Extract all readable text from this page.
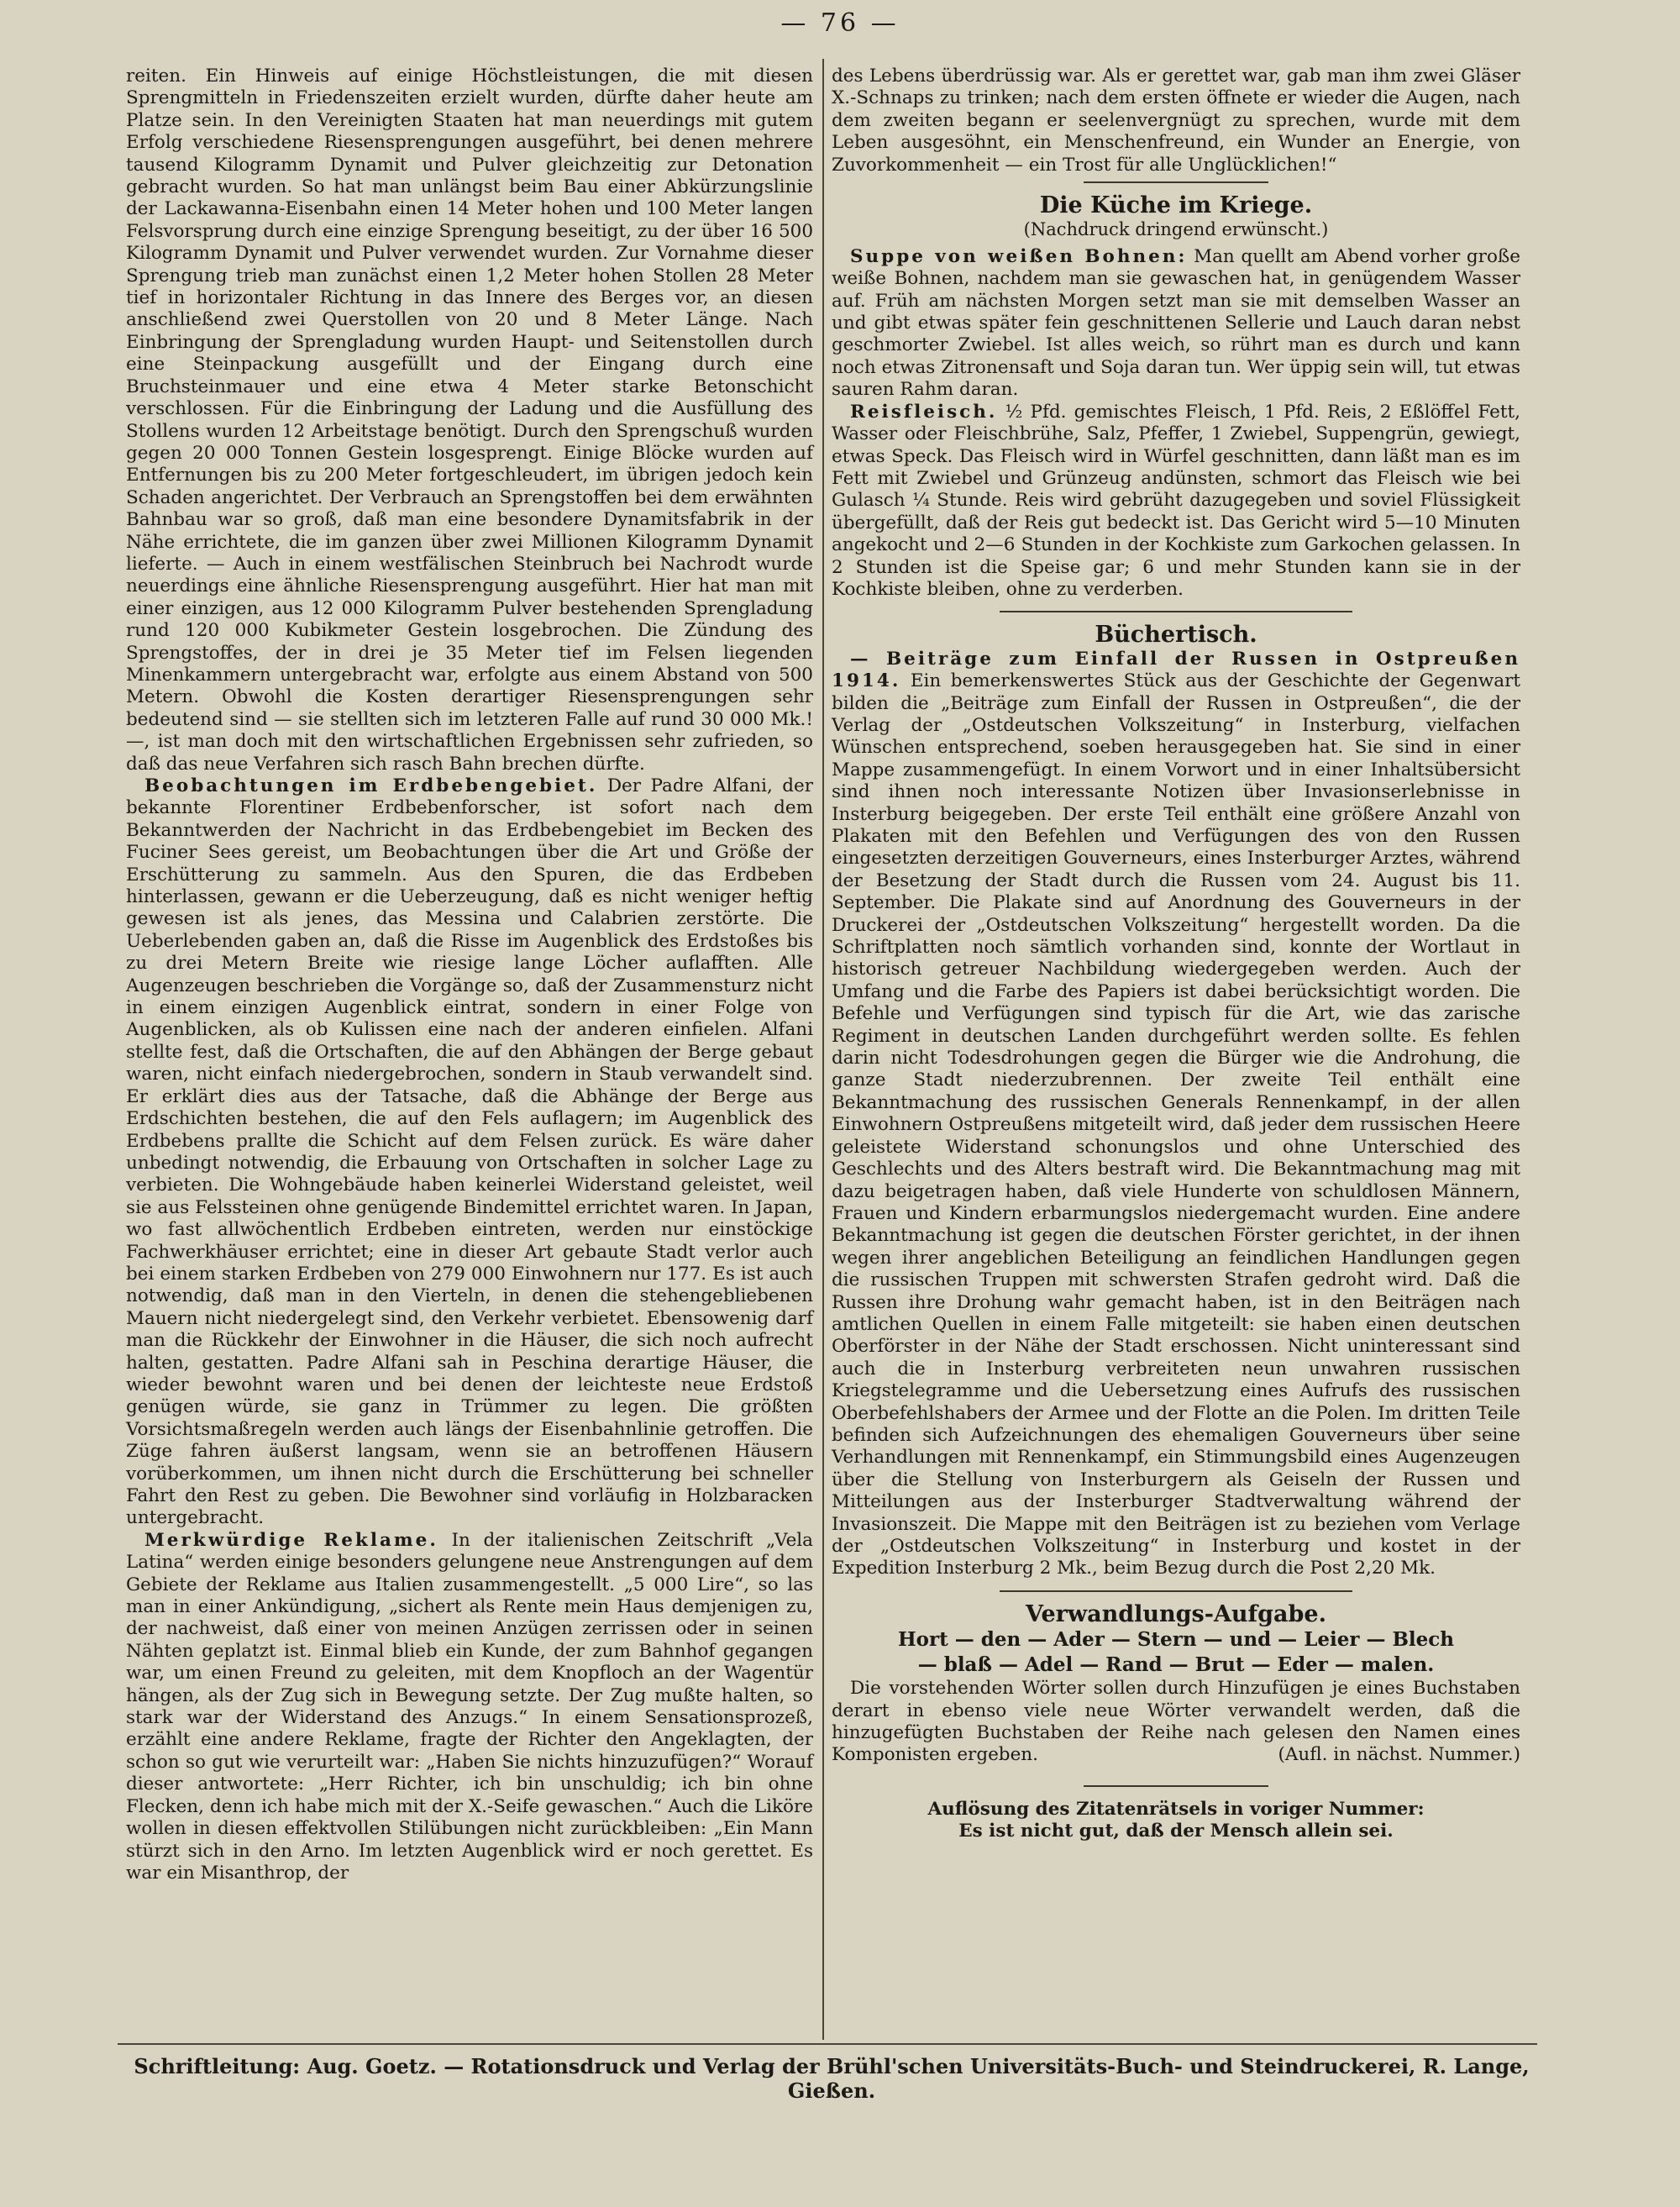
— 76 —

reiten. Ein Hinweis auf einige Höchstleistungen, die mit diesen Sprengmitteln in Friedenszeiten erzielt wurden, dürfte daher heute am Platze sein. In den Vereinigten Staaten hat man neuerdings mit gutem Erfolg verschiedene Riesensprengungen ausgeführt, bei denen mehrere tausend Kilogramm Dynamit und Pulver gleichzeitig zur Detonation gebracht wurden. So hat man unlängst beim Bau einer Abkürzungslinie der Lackawanna-Eisenbahn einen 14 Meter hohen und 100 Meter langen Felsvorsprung durch eine einzige Sprengung beseitigt, zu der über 16 500 Kilogramm Dynamit und Pulver verwendet wurden. Zur Vornahme dieser Sprengung trieb man zunächst einen 1,2 Meter hohen Stollen 28 Meter tief in horizontaler Richtung in das Innere des Berges vor, an diesen anschließend zwei Querstollen von 20 und 8 Meter Länge. Nach Einbringung der Sprengladung wurden Haupt- und Seitenstollen durch eine Steinpackung ausgefüllt und der Eingang durch eine Bruchsteinmauer und eine etwa 4 Meter starke Betonschicht verschlossen. Für die Einbringung der Ladung und die Ausfüllung des Stollens wurden 12 Arbeitstage benötigt. Durch den Sprengschuß wurden gegen 20 000 Tonnen Gestein losgesprengt. Einige Blöcke wurden auf Entfernungen bis zu 200 Meter fortgeschleudert, im übrigen jedoch kein Schaden angerichtet. Der Verbrauch an Sprengstoffen bei dem erwähnten Bahnbau war so groß, daß man eine besondere Dynamitsfabrik in der Nähe errichtete, die im ganzen über zwei Millionen Kilogramm Dynamit lieferte. — Auch in einem westfälischen Steinbruch bei Nachrodt wurde neuerdings eine ähnliche Riesensprengung ausgeführt. Hier hat man mit einer einzigen, aus 12 000 Kilogramm Pulver bestehenden Sprengladung rund 120 000 Kubikmeter Gestein losgebrochen. Die Zündung des Sprengstoffes, der in drei je 35 Meter tief im Felsen liegenden Minenkammern untergebracht war, erfolgte aus einem Abstand von 500 Metern. Obwohl die Kosten derartiger Riesensprengungen sehr bedeutend sind — sie stellten sich im letzteren Falle auf rund 30 000 Mk.! —, ist man doch mit den wirtschaftlichen Ergebnissen sehr zufrieden, so daß das neue Verfahren sich rasch Bahn brechen dürfte.

Beobachtungen im Erdbebengebiet. Der Padre Alfani, der bekannte Florentiner Erdbebenforscher, ist sofort nach dem Bekanntwerden der Nachricht in das Erdbebengebiet im Becken des Fuciner Sees gereist, um Beobachtungen über die Art und Größe der Erschütterung zu sammeln. Aus den Spuren, die das Erdbeben hinterlassen, gewann er die Ueberzeugung, daß es nicht weniger heftig gewesen ist als jenes, das Messina und Calabrien zerstörte. Die Ueberlebenden gaben an, daß die Risse im Augenblick des Erdstoßes bis zu drei Metern Breite wie riesige lange Löcher auflafften. Alle Augenzeugen beschrieben die Vorgänge so, daß der Zusammensturz nicht in einem einzigen Augenblick eintrat, sondern in einer Folge von Augenblicken, als ob Kulissen eine nach der anderen einfielen. Alfani stellte fest, daß die Ortschaften, die auf den Abhängen der Berge gebaut waren, nicht einfach niedergebrochen, sondern in Staub verwandelt sind. Er erklärt dies aus der Tatsache, daß die Abhänge der Berge aus Erdschichten bestehen, die auf den Fels auflagern; im Augenblick des Erdbebens prallte die Schicht auf dem Felsen zurück. Es wäre daher unbedingt notwendig, die Erbauung von Ortschaften in solcher Lage zu verbieten. Die Wohngebäude haben keinerlei Widerstand geleistet, weil sie aus Felssteinen ohne genügende Bindemittel errichtet waren. In Japan, wo fast allwöchentlich Erdbeben eintreten, werden nur einstöckige Fachwerkhäuser errichtet; eine in dieser Art gebaute Stadt verlor auch bei einem starken Erdbeben von 279 000 Einwohnern nur 177. Es ist auch notwendig, daß man in den Vierteln, in denen die stehengebliebenen Mauern nicht niedergelegt sind, den Verkehr verbietet. Ebensowenig darf man die Rückkehr der Einwohner in die Häuser, die sich noch aufrecht halten, gestatten. Padre Alfani sah in Peschina derartige Häuser, die wieder bewohnt waren und bei denen der leichteste neue Erdstoß genügen würde, sie ganz in Trümmer zu legen. Die größten Vorsichtsmaßregeln werden auch längs der Eisenbahnlinie getroffen. Die Züge fahren äußerst langsam, wenn sie an betroffenen Häusern vorüberkommen, um ihnen nicht durch die Erschütterung bei schneller Fahrt den Rest zu geben. Die Bewohner sind vorläufig in Holzbaracken untergebracht.

Merkwürdige Reklame. In der italienischen Zeitschrift „Vela Latina“ werden einige besonders gelungene neue Anstrengungen auf dem Gebiete der Reklame aus Italien zusammengestellt. „5 000 Lire“, so las man in einer Ankündigung, „sichert als Rente mein Haus demjenigen zu, der nachweist, daß einer von meinen Anzügen zerrissen oder in seinen Nähten geplatzt ist. Einmal blieb ein Kunde, der zum Bahnhof gegangen war, um einen Freund zu geleiten, mit dem Knopfloch an der Wagentür hängen, als der Zug sich in Bewegung setzte. Der Zug mußte halten, so stark war der Widerstand des Anzugs.“ In einem Sensationsprozeß, erzählt eine andere Reklame, fragte der Richter den Angeklagten, der schon so gut wie verurteilt war: „Haben Sie nichts hinzuzufügen?“ Worauf dieser antwortete: „Herr Richter, ich bin unschuldig; ich bin ohne Flecken, denn ich habe mich mit der X.-Seife gewaschen.“ Auch die Liköre wollen in diesen effektvollen Stilübungen nicht zurückbleiben: „Ein Mann stürzt sich in den Arno. Im letzten Augenblick wird er noch gerettet. Es war ein Misanthrop, der

des Lebens überdrüssig war. Als er gerettet war, gab man ihm zwei Gläser X.-Schnaps zu trinken; nach dem ersten öffnete er wieder die Augen, nach dem zweiten begann er seelenvergnügt zu sprechen, wurde mit dem Leben ausgesöhnt, ein Menschenfreund, ein Wunder an Energie, von Zuvorkommenheit — ein Trost für alle Unglücklichen!“

Die Küche im Kriege.
(Nachdruck dringend erwünscht.)

Suppe von weißen Bohnen: Man quellt am Abend vorher große weiße Bohnen, nachdem man sie gewaschen hat, in genügendem Wasser auf. Früh am nächsten Morgen setzt man sie mit demselben Wasser an und gibt etwas später fein geschnittenen Sellerie und Lauch daran nebst geschmorter Zwiebel. Ist alles weich, so rührt man es durch und kann noch etwas Zitronensaft und Soja daran tun. Wer üppig sein will, tut etwas sauren Rahm daran.

Reisfleisch. ½ Pfd. gemischtes Fleisch, 1 Pfd. Reis, 2 Eßlöffel Fett, Wasser oder Fleischbrühe, Salz, Pfeffer, 1 Zwiebel, Suppengrün, gewiegt, etwas Speck. Das Fleisch wird in Würfel geschnitten, dann läßt man es im Fett mit Zwiebel und Grünzeug andünsten, schmort das Fleisch wie bei Gulasch ¼ Stunde. Reis wird gebrüht dazugegeben und soviel Flüssigkeit übergefüllt, daß der Reis gut bedeckt ist. Das Gericht wird 5—10 Minuten angekocht und 2—6 Stunden in der Kochkiste zum Garkochen gelassen. In 2 Stunden ist die Speise gar; 6 und mehr Stunden kann sie in der Kochkiste bleiben, ohne zu verderben.

Büchertisch.

— Beiträge zum Einfall der Russen in Ostpreußen 1914. Ein bemerkenswertes Stück aus der Geschichte der Gegenwart bilden die „Beiträge zum Einfall der Russen in Ostpreußen“, die der Verlag der „Ostdeutschen Volkszeitung“ in Insterburg, vielfachen Wünschen entsprechend, soeben herausgegeben hat. Sie sind in einer Mappe zusammengefügt. In einem Vorwort und in einer Inhaltsübersicht sind ihnen noch interessante Notizen über Invasionserlebnisse in Insterburg beigegeben. Der erste Teil enthält eine größere Anzahl von Plakaten mit den Befehlen und Verfügungen des von den Russen eingesetzten derzeitigen Gouverneurs, eines Insterburger Arztes, während der Besetzung der Stadt durch die Russen vom 24. August bis 11. September. Die Plakate sind auf Anordnung des Gouverneurs in der Druckerei der „Ostdeutschen Volkszeitung“ hergestellt worden. Da die Schriftplatten noch sämtlich vorhanden sind, konnte der Wortlaut in historisch getreuer Nachbildung wiedergegeben werden. Auch der Umfang und die Farbe des Papiers ist dabei berücksichtigt worden. Die Befehle und Verfügungen sind typisch für die Art, wie das zarische Regiment in deutschen Landen durchgeführt werden sollte. Es fehlen darin nicht Todesdrohungen gegen die Bürger wie die Androhung, die ganze Stadt niederzubrennen. Der zweite Teil enthält eine Bekanntmachung des russischen Generals Rennenkampf, in der allen Einwohnern Ostpreußens mitgeteilt wird, daß jeder dem russischen Heere geleistete Widerstand schonungslos und ohne Unterschied des Geschlechts und des Alters bestraft wird. Die Bekanntmachung mag mit dazu beigetragen haben, daß viele Hunderte von schuldlosen Männern, Frauen und Kindern erbarmungslos niedergemacht wurden. Eine andere Bekanntmachung ist gegen die deutschen Förster gerichtet, in der ihnen wegen ihrer angeblichen Beteiligung an feindlichen Handlungen gegen die russischen Truppen mit schwersten Strafen gedroht wird. Daß die Russen ihre Drohung wahr gemacht haben, ist in den Beiträgen nach amtlichen Quellen in einem Falle mitgeteilt: sie haben einen deutschen Oberförster in der Nähe der Stadt erschossen. Nicht uninteressant sind auch die in Insterburg verbreiteten neun unwahren russischen Kriegstelegramme und die Uebersetzung eines Aufrufs des russischen Oberbefehlshabers der Armee und der Flotte an die Polen. Im dritten Teile befinden sich Aufzeichnungen des ehemaligen Gouverneurs über seine Verhandlungen mit Rennenkampf, ein Stimmungsbild eines Augenzeugen über die Stellung von Insterburgern als Geiseln der Russen und Mitteilungen aus der Insterburger Stadtverwaltung während der Invasionszeit. Die Mappe mit den Beiträgen ist zu beziehen vom Verlage der „Ostdeutschen Volkszeitung“ in Insterburg und kostet in der Expedition Insterburg 2 Mk., beim Bezug durch die Post 2,20 Mk.

Verwandlungs-Aufgabe.
Hort — den — Ader — Stern — und — Leier — Blech
— blaß — Adel — Rand — Brut — Eder — malen.

Die vorstehenden Wörter sollen durch Hinzufügen je eines Buchstaben derart in ebenso viele neue Wörter verwandelt werden, daß die hinzugefügten Buchstaben der Reihe nach gelesen den Namen eines Komponisten ergeben.	(Aufl. in nächst. Nummer.)

Auflösung des Zitatenrätsels in voriger Nummer:

Es ist nicht gut, daß der Mensch allein sei.

Schriftleitung: Aug. Goetz. — Rotationsdruck und Verlag der Brühl'schen Universitäts-Buch- und Steindruckerei, R. Lange, Gießen.
